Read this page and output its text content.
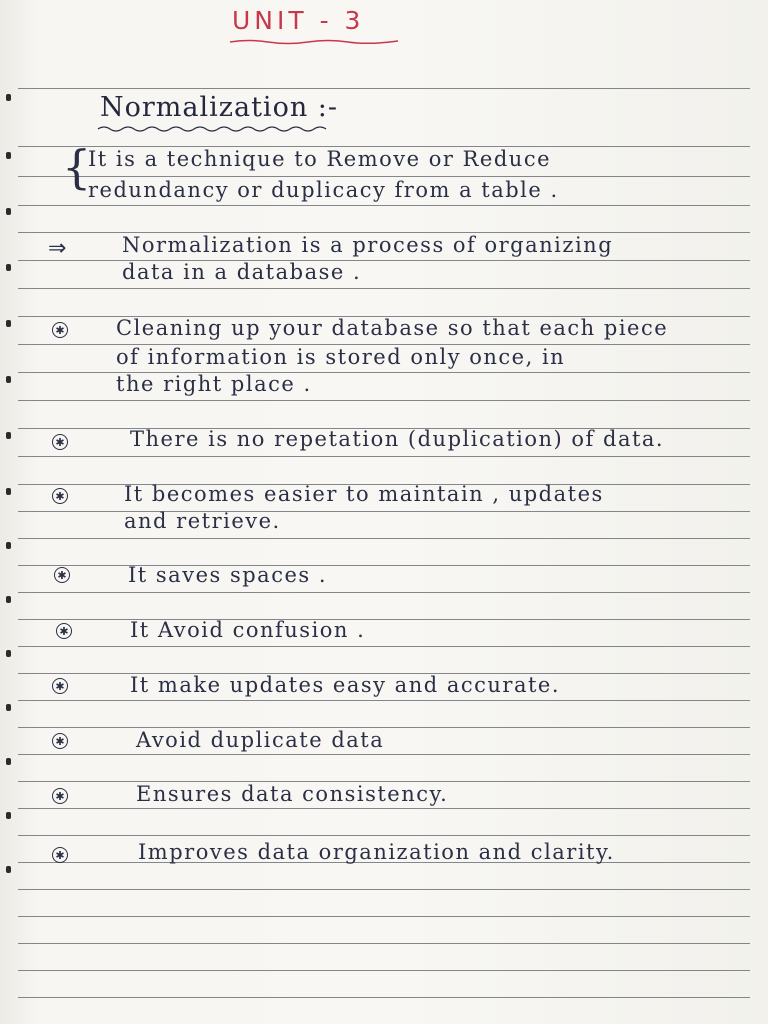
UNIT - 3
Normalization :-
{
It is a technique to Remove or Reduce
redundancy or duplicacy from a table .
⇒	Normalization is a process of organizing
data in a database .
✱ Cleaning up your database so that each piece
of information is stored only once, in
the right place .
✱	There is no repetation (duplication) of data.
✱	It becomes easier to maintain , updates
and retrieve.
✱	It saves spaces .
✱	It Avoid confusion .
✱	It make updates easy and accurate.
✱	Avoid duplicate data
✱	Ensures data consistency.
✱	Improves data organization and clarity.
